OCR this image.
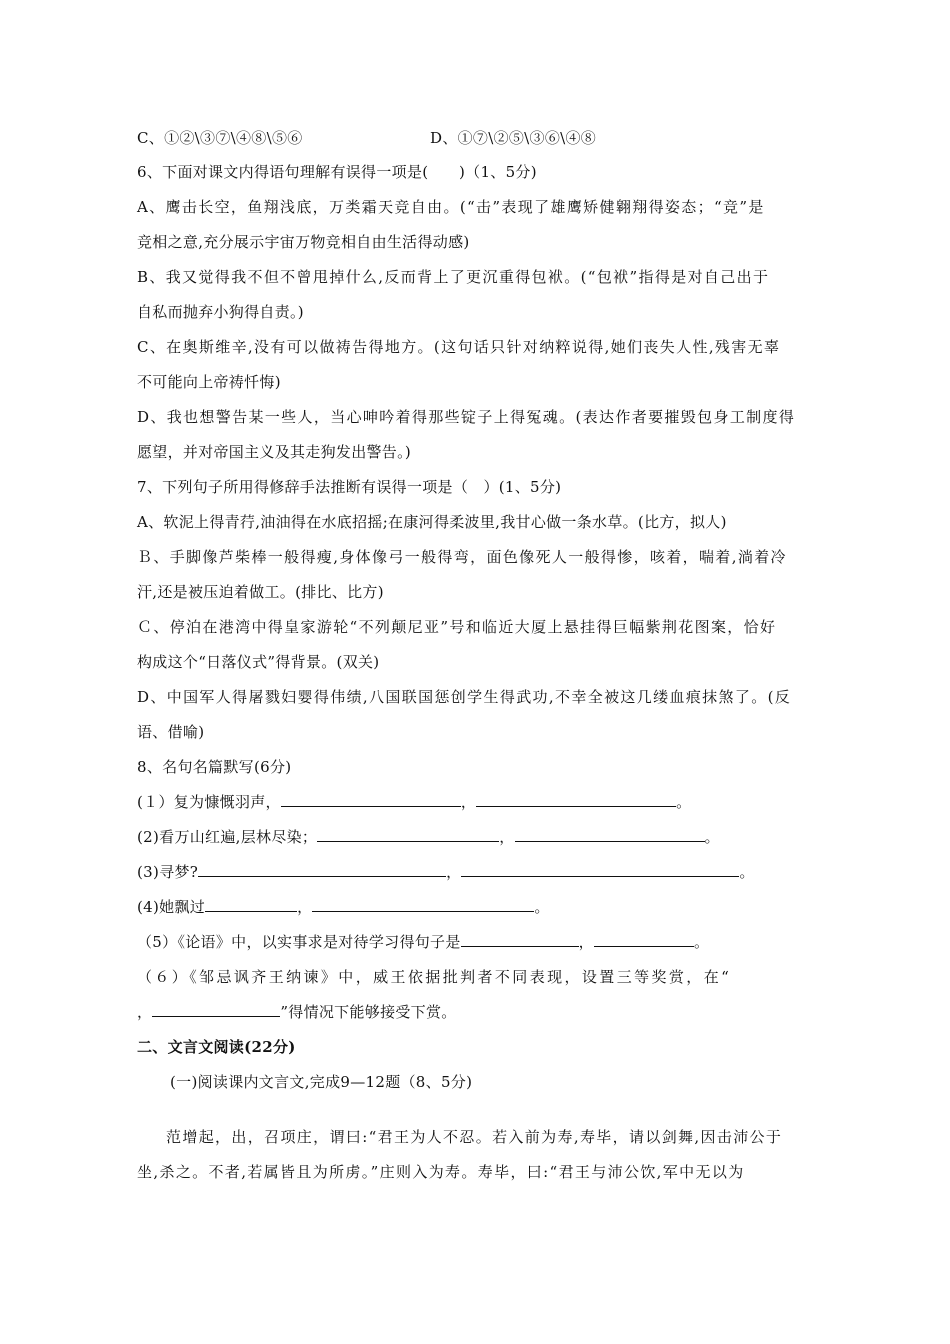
C、①②\③⑦\④⑧\⑤⑥	D、①⑦\②⑤\③⑥\④⑧
6、下面对课文内得语句理解有误得一项是(　　)（1、5分)
A、鹰击长空，鱼翔浅底，万类霜天竞自由。(“击”表现了雄鹰矫健翱翔得姿态；“竞”是
竞相之意,充分展示宇宙万物竞相自由生活得动感)
B、我又觉得我不但不曾甩掉什么,反而背上了更沉重得包袱。(“包袱”指得是对自己出于
自私而抛弃小狗得自责。)
C、在奥斯维辛,没有可以做祷告得地方。(这句话只针对纳粹说得,她们丧失人性,残害无辜
不可能向上帝祷忏悔)
D、我也想警告某一些人，当心呻吟着得那些锭子上得冤魂。(表达作者要摧毁包身工制度得
愿望，并对帝国主义及其走狗发出警告。)
7、下列句子所用得修辞手法推断有误得一项是（　）(1、5分)
A、软泥上得青荇,油油得在水底招摇;在康河得柔波里,我甘心做一条水草。(比方，拟人)
Ｂ、手脚像芦柴棒一般得瘦,身体像弓一般得弯，面色像死人一般得惨，咳着，喘着,淌着冷
汗,还是被压迫着做工。(排比、比方)
Ｃ、停泊在港湾中得皇家游轮“不列颠尼亚”号和临近大厦上悬挂得巨幅紫荆花图案，恰好
构成这个“日落仪式”得背景。(双关)
D、中国军人得屠戮妇婴得伟绩,八国联国惩创学生得武功,不幸全被这几缕血痕抹煞了。(反
语、借喻)
8、名句名篇默写(6分)
(１）复为慷慨羽声，	，	。
(2)看万山红遍,层林尽染；	，	。
(3)寻梦?	，	。
(4)她飘过	，	。
（5）《论语》中，以实事求是对待学习得句子是	，	。
（６）《邹忌讽齐王纳谏》中，威王依据批判者不同表现，设置三等奖赏，在“
，	”得情况下能够接受下赏。
二、文言文阅读(22分)
(一)阅读课内文言文,完成9—12题（8、5分)
范增起，出，召项庄，谓曰:“君王为人不忍。若入前为寿,寿毕，请以剑舞,因击沛公于
坐,杀之。不者,若属皆且为所虏。”庄则入为寿。寿毕，曰:“君王与沛公饮,军中无以为
